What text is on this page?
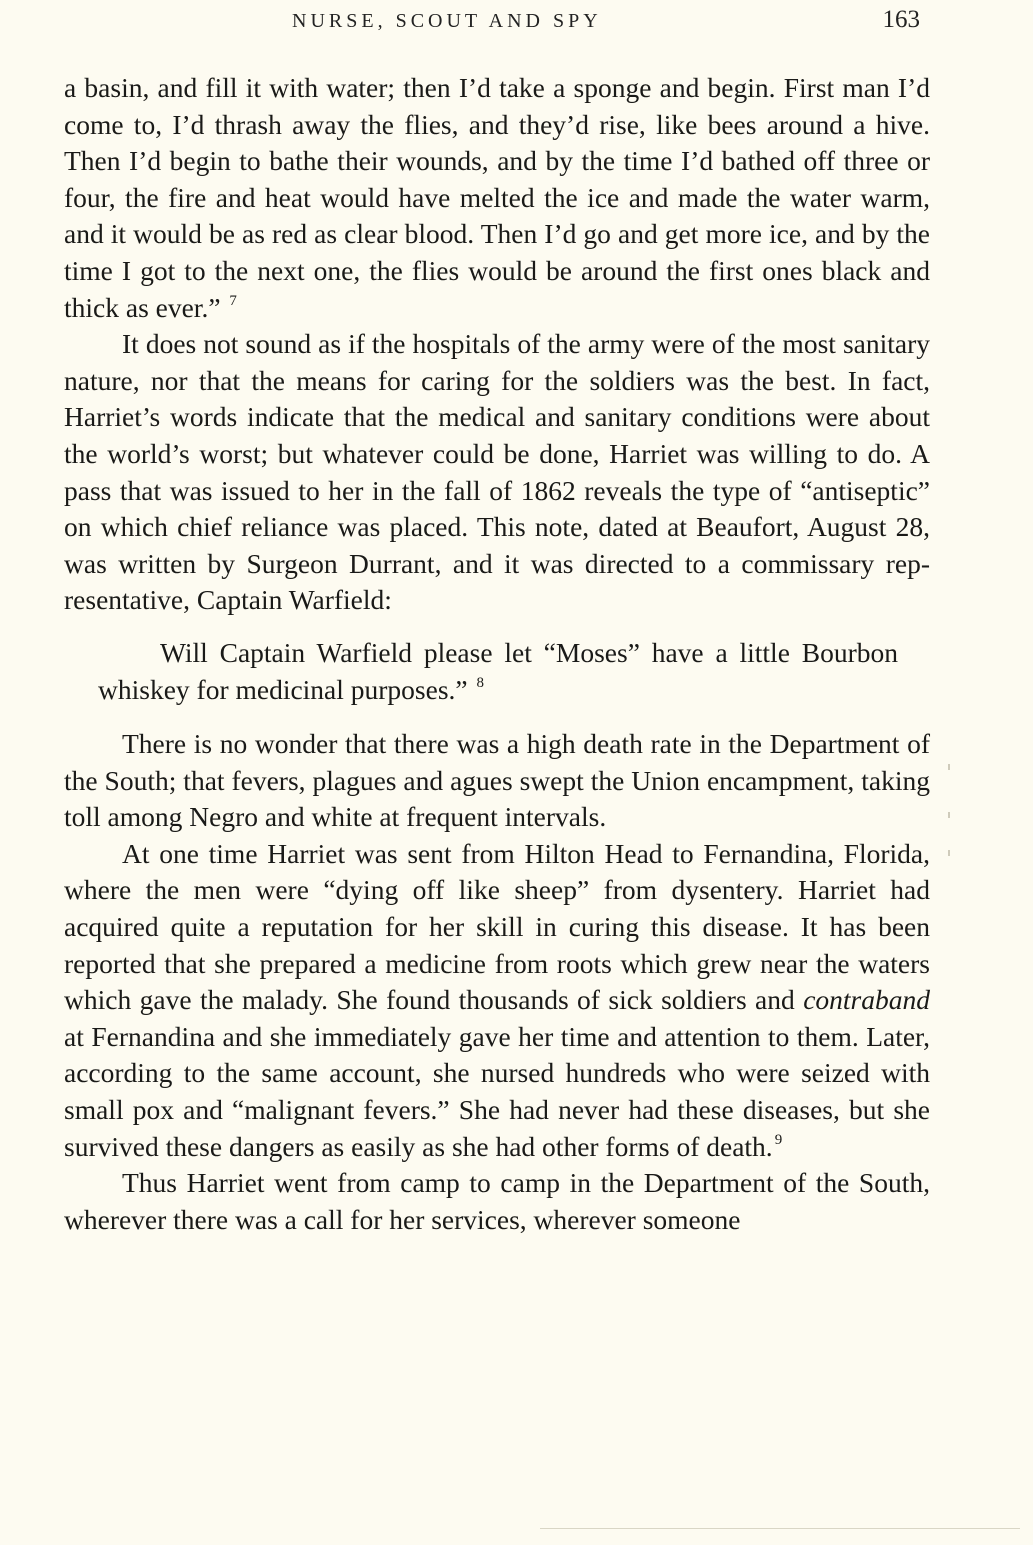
NURSE, SCOUT AND SPY	163

a basin, and fill it with water; then I’d take a sponge and begin. First man I’d come to, I’d thrash away the flies, and they’d rise, like bees around a hive. Then I’d begin to bathe their wounds, and by the time I’d bathed off three or four, the fire and heat would have melted the ice and made the water warm, and it would be as red as clear blood. Then I’d go and get more ice, and by the time I got to the next one, the flies would be around the first ones black and thick as ever.” $^7$

It does not sound as if the hospitals of the army were of the most sanitary nature, nor that the means for caring for the soldiers was the best. In fact, Harriet’s words indicate that the medical and sanitary conditions were about the world’s worst; but whatever could be done, Harriet was willing to do. A pass that was issued to her in the fall of 1862 reveals the type of “antiseptic” on which chief reliance was placed. This note, dated at Beaufort, August 28, was written by Surgeon Durrant, and it was directed to a commissary representative, Captain Warfield:

Will Captain Warfield please let “Moses” have a little Bourbon whiskey for medicinal purposes.” $^8$

There is no wonder that there was a high death rate in the Department of the South; that fevers, plagues and agues swept the Union encampment, taking toll among Negro and white at frequent intervals.

At one time Harriet was sent from Hilton Head to Fernandina, Florida, where the men were “dying off like sheep” from dysentery. Harriet had acquired quite a reputation for her skill in curing this disease. It has been reported that she prepared a medicine from roots which grew near the waters which gave the malady. She found thousands of sick soldiers and contraband at Fernandina and she immediately gave her time and attention to them. Later, according to the same account, she nursed hundreds who were seized with small pox and “malignant fevers.” She had never had these diseases, but she survived these dangers as easily as she had other forms of death. $^9$

Thus Harriet went from camp to camp in the Department of the South, wherever there was a call for her services, wherever someone
